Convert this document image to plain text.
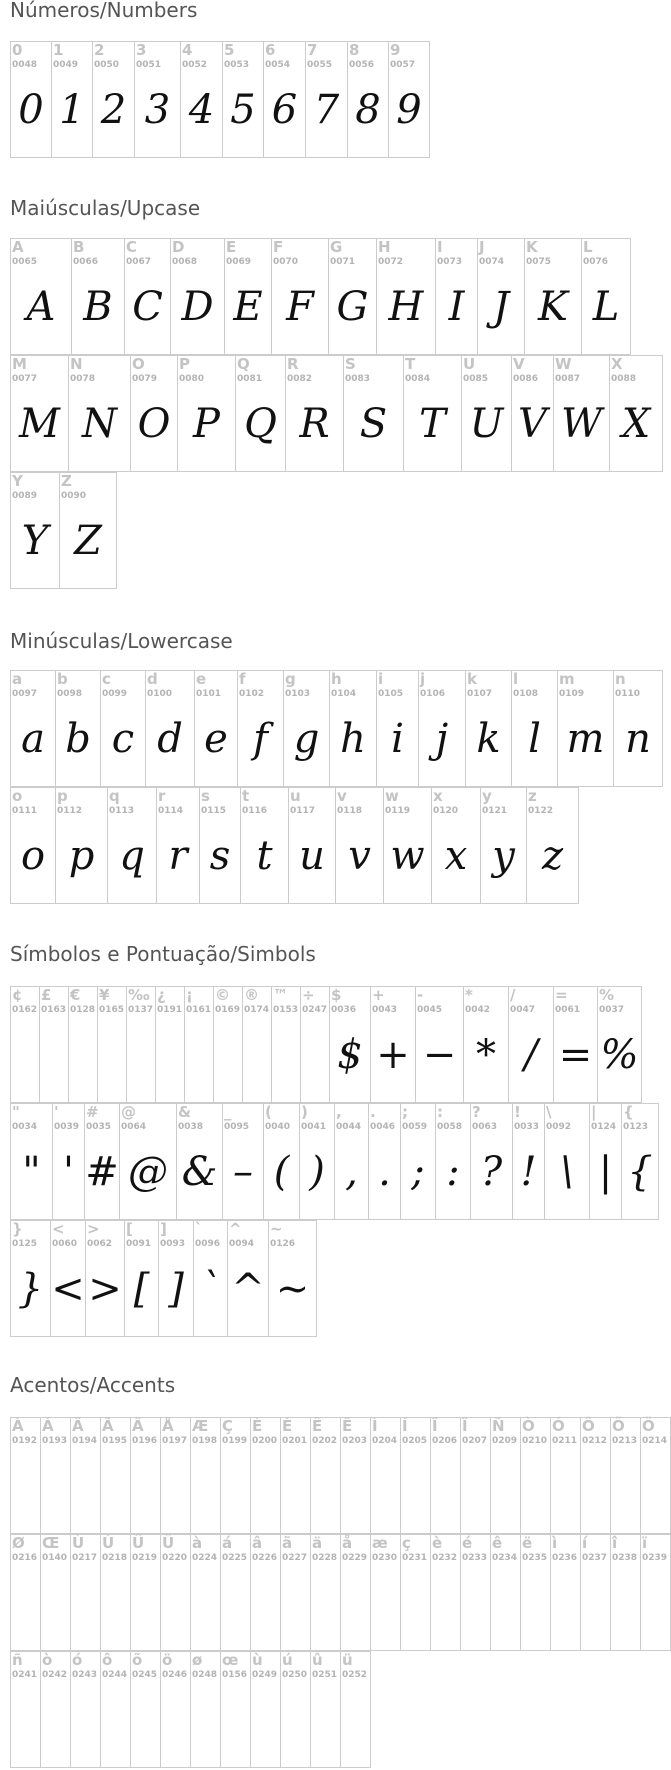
Números/Numbers
Maiúsculas/Upcase
Minúsculas/Lowercase
Símbolos e Pontuação/Simbols
Acentos/Accents
0
0048
0
1
0049
1
2
0050
2
3
0051
3
4
0052
4
5
0053
5
6
0054
6
7
0055
7
8
0056
8
9
0057
9
A
0065
A
B
0066
B
C
0067
C
D
0068
D
E
0069
E
F
0070
F
G
0071
G
H
0072
H
I
0073
I
J
0074
J
K
0075
K
L
0076
L
M
0077
M
N
0078
N
O
0079
O
P
0080
P
Q
0081
Q
R
0082
R
S
0083
S
T
0084
T
U
0085
U
V
0086
V
W
0087
W
X
0088
X
Y
0089
Y
Z
0090
Z
a
0097
a
b
0098
b
c
0099
c
d
0100
d
e
0101
e
f
0102
f
g
0103
g
h
0104
h
i
0105
i
j
0106
j
k
0107
k
l
0108
l
m
0109
m
n
0110
n
o
0111
o
p
0112
p
q
0113
q
r
0114
r
s
0115
s
t
0116
t
u
0117
u
v
0118
v
w
0119
w
x
0120
x
y
0121
y
z
0122
z
¢
0162
£
0163
€
0128
¥
0165
‰
0137
¿
0191
¡
0161
©
0169
®
0174
™
0153
÷
0247
$
0036
$
+
0043
+
-
0045
−
*
0042
*
/
0047
/
=
0061
=
%
0037
%
"
0034
"
'
0039
'
#
0035
#
@
0064
@
&
0038
&
_
0095
–
(
0040
(
)
0041
)
,
0044
,
.
0046
.
;
0059
;
:
0058
:
?
0063
?
!
0033
!
\
0092
\
|
0124
|
{
0123
{
}
0125
}
<
0060
<
>
0062
>
[
0091
[
]
0093
]
`
0096
`
^
0094
^
~
0126
~
À
0192
Á
0193
Â
0194
Ã
0195
Ä
0196
Å
0197
Æ
0198
Ç
0199
È
0200
É
0201
Ê
0202
Ë
0203
Ì
0204
Í
0205
Î
0206
Ï
0207
Ñ
0209
Ò
0210
Ó
0211
Ô
0212
Õ
0213
Ö
0214
Ø
0216
Œ
0140
Ù
0217
Ú
0218
Û
0219
Ü
0220
à
0224
á
0225
â
0226
ã
0227
ä
0228
å
0229
æ
0230
ç
0231
è
0232
é
0233
ê
0234
ë
0235
ì
0236
í
0237
î
0238
ï
0239
ñ
0241
ò
0242
ó
0243
ô
0244
õ
0245
ö
0246
ø
0248
œ
0156
ù
0249
ú
0250
û
0251
ü
0252
